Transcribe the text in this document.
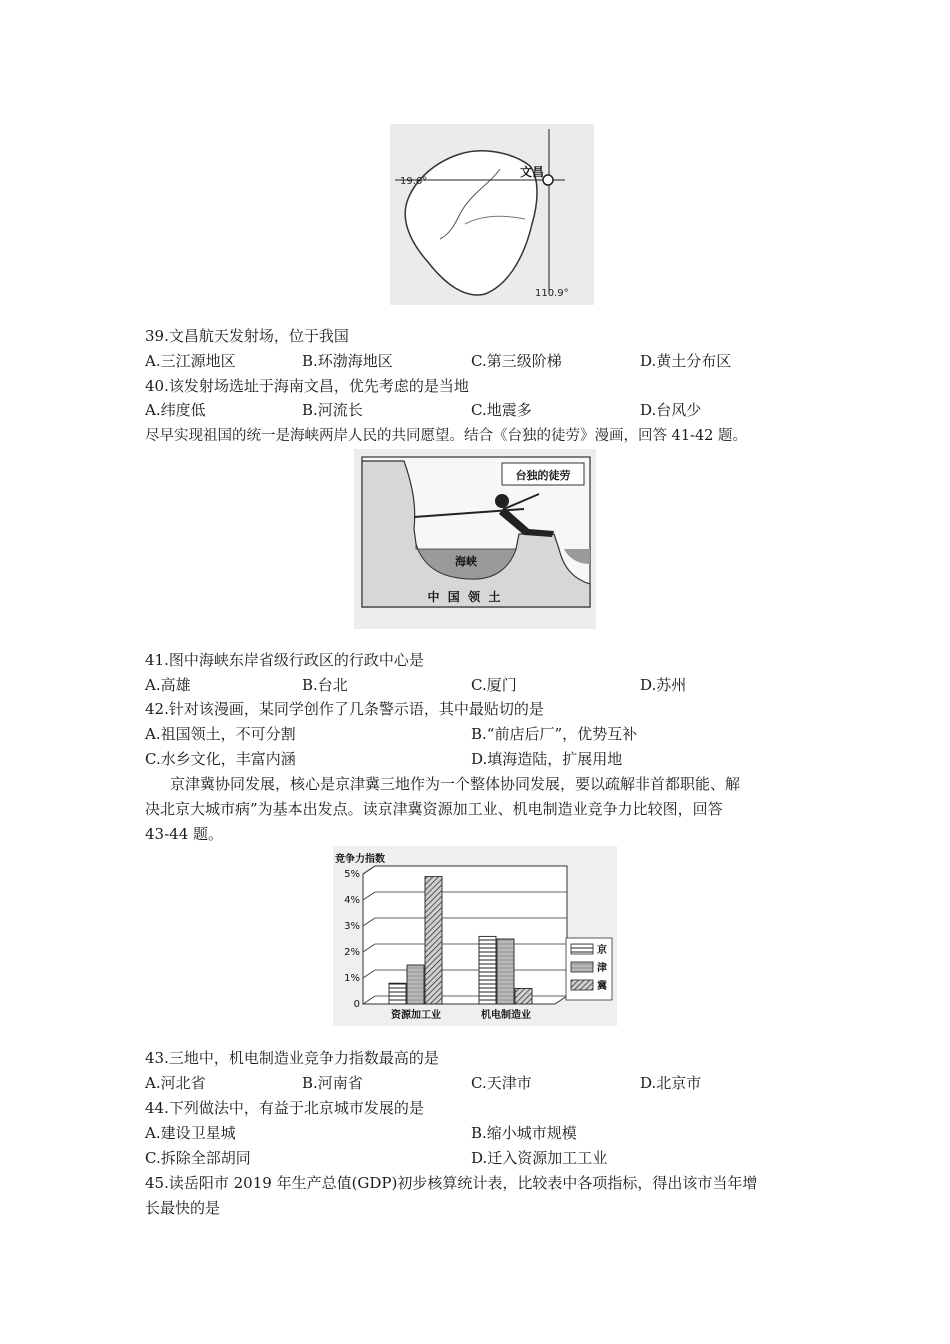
文昌
19.6°
110.9°
39.文昌航天发射场，位于我国
A.三江源地区	B.环渤海地区	C.第三级阶梯	D.黄土分布区
40.该发射场选址于海南文昌，优先考虑的是当地
A.纬度低	B.河流长	C.地震多	D.台风少
尽早实现祖国的统一是海峡两岸人民的共同愿望。结合《台独的徒劳》漫画，回答 41-42 题。
台独的徒劳
海峡
中  国  领  土
41.图中海峡东岸省级行政区的行政中心是
A.高雄	B.台北	C.厦门	D.苏州
42.针对该漫画，某同学创作了几条警示语，其中最贴切的是
A.祖国领土，不可分割	B.“前店后厂”，优势互补
C.水乡文化，丰富内涵	D.填海造陆，扩展用地
京津冀协同发展，核心是京津冀三地作为一个整体协同发展，要以疏解非首都职能、解
决北京大城市病”为基本出发点。读京津冀资源加工业、机电制造业竞争力比较图，回答
43-44 题。
竞争力指数
0
1%
2%
3%
4%
5%
资源加工业	机电制造业
京
津
冀
43.三地中，机电制造业竞争力指数最高的是
A.河北省	B.河南省	C.天津市	D.北京市
44.下列做法中，有益于北京城市发展的是
A.建设卫星城	B.缩小城市规模
C.拆除全部胡同	D.迁入资源加工工业
45.读岳阳市 2019 年生产总值(GDP)初步核算统计表，比较表中各项指标，得出该市当年增
长最快的是
